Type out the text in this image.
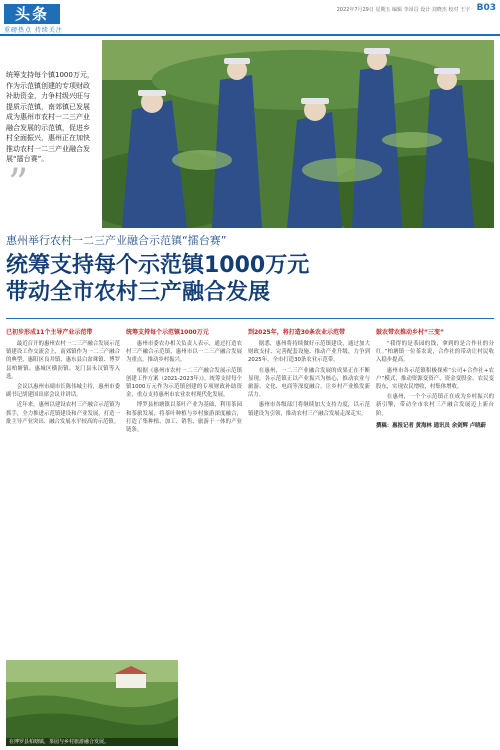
头条
重磅热点 持续关注
2022年7月29日 星期五 编辑 李昂昌 设计 刘晓杰 校对 王宇 B03
统筹支持每个镇1000万元，作为示范镇创建的专项财政补助资金，力争村级兴旺与提质示范镇，南郊镇已发展成为惠州市农村一二三产业融合发展的示范镇，促进乡村全面振兴，惠州正在加快推动农村一二三产业融合发展“擂台赛”。
”
惠州举行农村一二三产业融合示范镇“擂台赛”
统筹支持每个示范镇1000万元
带动全市农村三产融合发展
已初步形成11个主导产业示范带

最近召开的惠州农村一二三产融合发展示范镇建设工作交流会上，南郊镇作为一二三产融合的典型，惠阳区良井镇、惠东县白盆珠镇、博罗县柏塘镇、惠城区横沥镇、龙门县永汉镇等入选。

会议以惠州市副市长陈伟城主持，惠州市委副书记胡建国出席会议并讲话。

近年来，惠州以建设农村三产融合示范镇为抓手，全力推进示范镇建设和产业发展，打造一批主导产业突出、融合发展水平较高的示范镇。

统筹支持每个示范镇1000万元

惠州市委农办相关负责人表示，通过打造农村三产融合示范镇，惠州市以一二三产融合发展为重点，推动乡村振兴。

根据《惠州市农村一二三产融合发展示范镇创建工作方案（2021-2023年）》，统筹支持每个镇1000万元作为示范镇创建的专项财政补助资金，重点支持惠州市农业农村现代化发展。

博罗县柏塘镇以茶叶产业为基础，利用茶园和茶旅发展，将茶叶种植与乡村旅游深度融合，打造了集种植、加工、销售、旅游于一体的产业链条。

到2025年，将打造30条农业示范带

据悉，惠州将持续做好示范镇建设，通过加大财政支持、完善配套设施、推动产业升级，力争到2025年，全市打造30条农业示范带。

在惠州，一二三产业融合发展的成果正在不断显现。各示范镇正以产业振兴为核心，推动农业与旅游、文化、电商等深度融合，让乡村产业焕发新活力。

惠州市各级部门将继续加大支持力度，以示范镇建设为引领，推动农村三产融合发展走深走实。

鼓农带农推动乡村“三变”

“我得的是茶园的钱，拿到的是合作社的分红。”柏塘镇一位茶农说，合作社的带动让村民收入稳步提高。

惠州市各示范镇积极探索“公司+合作社+农户”模式，推动资源变资产、资金变股金、农民变股东，实现农民增收、村集体增收。

在惠州，一个个示范镇正在成为乡村振兴的新引擎，带动全市农村三产融合发展迈上新台阶。

撰稿：惠报记者 黄海林 通讯员 余剑辉 卢晓蔚
在博罗县柏塘镇，茶园与乡村旅游融合发展。
